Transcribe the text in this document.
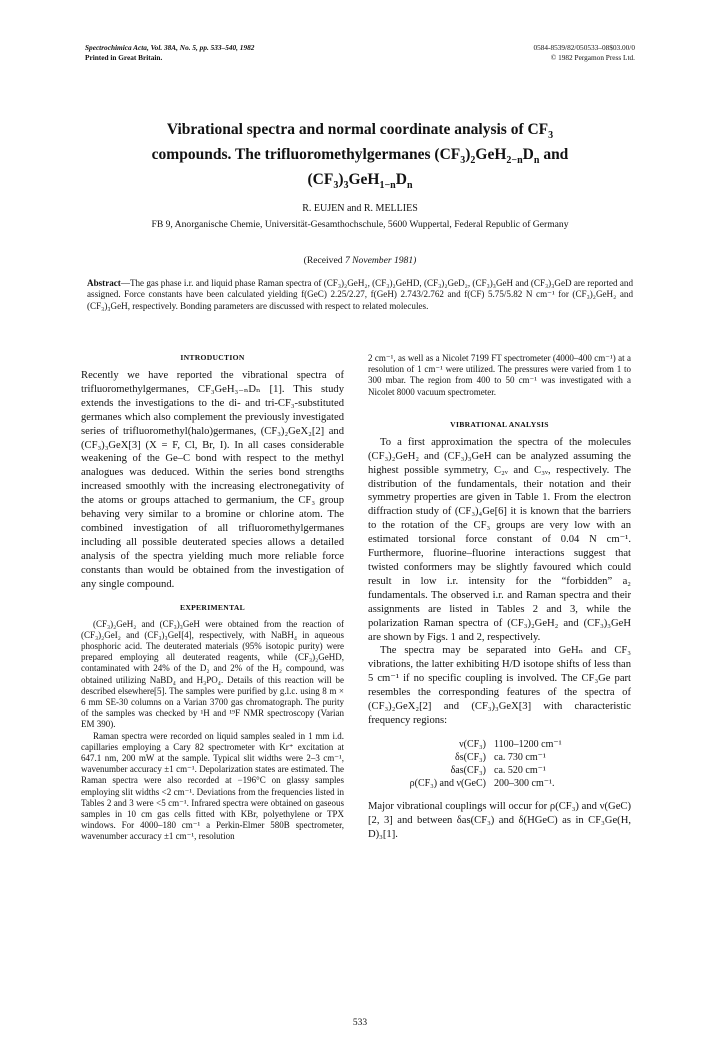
Spectrochimica Acta, Vol. 38A, No. 5, pp. 533–540, 1982
Printed in Great Britain.
0584-8539/82/050533–08$03.00/0
© 1982 Pergamon Press Ltd.
Vibrational spectra and normal coordinate analysis of $CF_3$
compounds. The trifluoromethylgermanes $(CF_3)_2GeH_{2-n}D_n$ and
$(CF_3)_3GeH_{1-n}D_n$
R. EUJEN and R. MELLIES
FB 9, Anorganische Chemie, Universität-Gesamthochschule, 5600 Wuppertal, Federal Republic of Germany
(Received 7 November 1981)
Abstract—The gas phase i.r. and liquid phase Raman spectra of (CF₃)₂GeH₂, (CF₃)₂GeHD, (CF₃)₂GeD₂, (CF₃)₃GeH and (CF₃)₃GeD are reported and assigned. Force constants have been calculated yielding f(GeC) 2.25/2.27, f(GeH) 2.743/2.762 and f(CF) 5.75/5.82 N cm⁻¹ for (CF₃)₂GeH₂ and (CF₃)₃GeH, respectively. Bonding parameters are discussed with respect to related molecules.
INTRODUCTION

Recently we have reported the vibrational spectra of trifluoromethylgermanes, CF₃GeH₃₋ₙDₙ [1]. This study extends the investigations to the di- and tri-CF₃-substituted germanes which also complement the previously investigated series of trifluoromethyl(halo)germanes, (CF₃)₂GeX₂[2] and (CF₃)₃GeX[3] (X = F, Cl, Br, I). In all cases considerable weakening of the Ge–C bond with respect to the methyl analogues was deduced. Within the series bond strengths increased smoothly with the increasing electronegativity of the atoms or groups attached to germanium, the CF₃ group behaving very similar to a bromine or chlorine atom. The combined investigation of all trifluoromethylgermanes including all possible deuterated species allows a detailed analysis of the spectra yielding much more reliable force constants than would be obtained from the investigation of any single compound.

EXPERIMENTAL

(CF₃)₂GeH₂ and (CF₃)₃GeH were obtained from the reaction of (CF₃)₂GeI₂ and (CF₃)₃GeI[4], respectively, with NaBH₄ in aqueous phosphoric acid. The deuterated materials (95% isotopic purity) were prepared employing all deuterated reagents, while (CF₃)₂GeHD, contaminated with 24% of the D₂ and 2% of the H₂ compound, was obtained utilizing NaBD₄ and H₃PO₄. Details of this reaction will be described elsewhere[5]. The samples were purified by g.l.c. using 8 m × 6 mm SE-30 columns on a Varian 3700 gas chromatograph. The purity of the samples was checked by ¹H and ¹⁹F NMR spectroscopy (Varian EM 390).

Raman spectra were recorded on liquid samples sealed in 1 mm i.d. capillaries employing a Cary 82 spectrometer with Kr⁺ excitation at 647.1 nm, 200 mW at the sample. Typical slit widths were 2–3 cm⁻¹, wavenumber accuracy ±1 cm⁻¹. Depolarization states are estimated. The Raman spectra were also recorded at −196°C on glassy samples employing slit widths <2 cm⁻¹. Deviations from the frequencies listed in Tables 2 and 3 were <5 cm⁻¹. Infrared spectra were obtained on gaseous samples in 10 cm gas cells fitted with KBr, polyethylene or TPX windows. For 4000–180 cm⁻¹ a Perkin-Elmer 580B spectrometer, wavenumber accuracy ±1 cm⁻¹, resolution

2 cm⁻¹, as well as a Nicolet 7199 FT spectrometer (4000–400 cm⁻¹) at a resolution of 1 cm⁻¹ were utilized. The pressures were varied from 1 to 300 mbar. The region from 400 to 50 cm⁻¹ was investigated with a Nicolet 8000 vacuum spectrometer.

VIBRATIONAL ANALYSIS

To a first approximation the spectra of the molecules (CF₃)₂GeH₂ and (CF₃)₃GeH can be analyzed assuming the highest possible symmetry, C₂ᵥ and C₃ᵥ, respectively. The distribution of the fundamentals, their notation and their symmetry properties are given in Table 1. From the electron diffraction study of (CF₃)₄Ge[6] it is known that the barriers to the rotation of the CF₃ groups are very low with an estimated torsional force constant of 0.04 N cm⁻¹. Furthermore, fluorine–fluorine interactions suggest that twisted conformers may be slightly favoured which could result in low i.r. intensity for the “forbidden” a₂ fundamentals. The observed i.r. and Raman spectra and their assignments are listed in Tables 2 and 3, while the polarization Raman spectra of (CF₃)₂GeH₂ and (CF₃)₃GeH are shown by Figs. 1 and 2, respectively.

The spectra may be separated into GeHₙ and CF₃ vibrations, the latter exhibiting H/D isotope shifts of less than 5 cm⁻¹ if no specific coupling is involved. The CF₃Ge part resembles the corresponding features of the spectra of (CF₃)₂GeX₂[2] and (CF₃)₃GeX[3] with characteristic frequency regions:

ν(CF₃) 1100–1200 cm⁻¹
δs(CF₃) ca. 730 cm⁻¹
δas(CF₃) ca. 520 cm⁻¹
ρ(CF₃) and ν(GeC) 200–300 cm⁻¹.

Major vibrational couplings will occur for ρ(CF₃) and ν(GeC)[2, 3] and between δas(CF₃) and δ(HGeC) as in CF₃Ge(H, D)₃[1].

533
